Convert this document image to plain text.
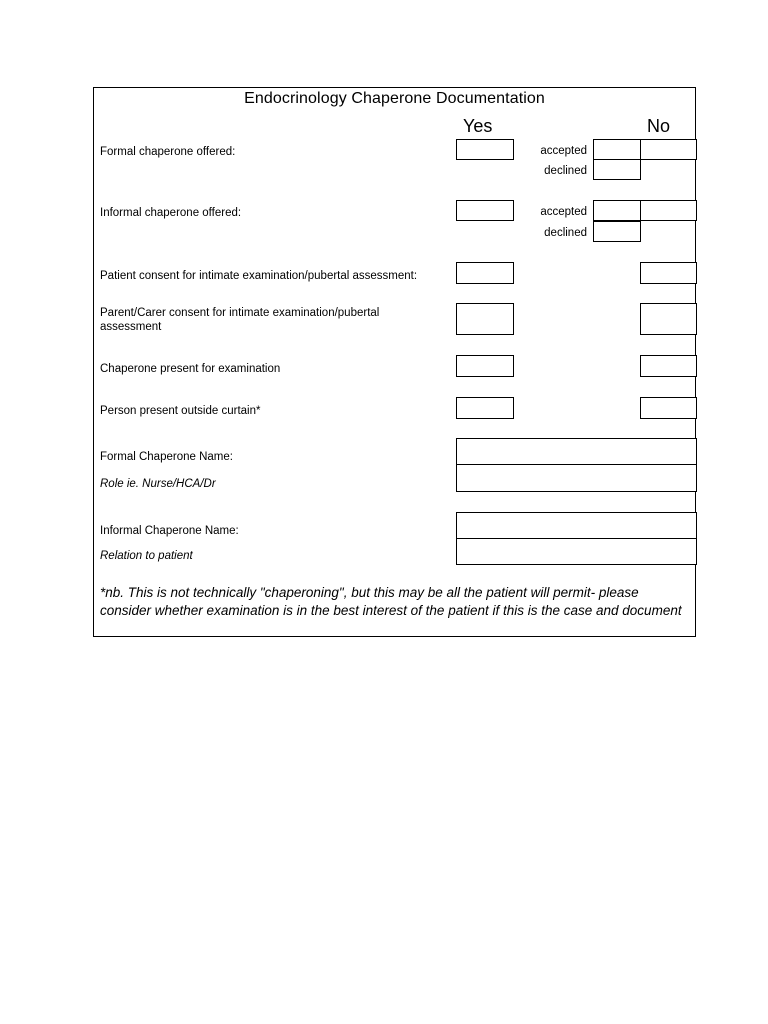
Endocrinology Chaperone Documentation
Yes	No
Formal chaperone offered:	accepted
declined
Informal chaperone offered:	accepted
declined
Patient consent for intimate examination/pubertal assessment:
Parent/Carer consent for intimate examination/pubertal assessment
Chaperone present for examination
Person present outside curtain*
Formal Chaperone Name:
Role ie. Nurse/HCA/Dr
Informal Chaperone Name:
Relation to patient
*nb. This is not technically "chaperoning", but this may be all the patient will permit- please consider whether examination is in the best interest of the patient if this is the case and document
